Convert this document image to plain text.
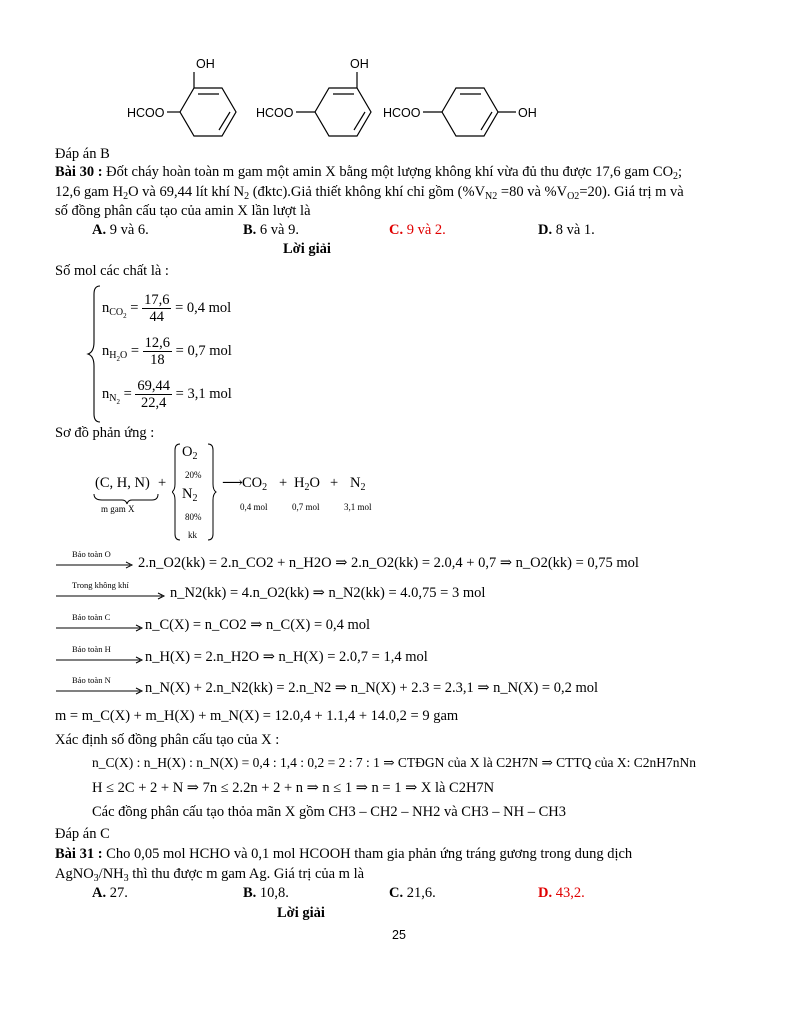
HCOO
OH
HCOO
OH
HCOO	OH
Đáp án B
Bài 30 : Đốt cháy hoàn toàn m gam một amin X bằng một lượng không khí vừa đủ thu được 17,6 gam $CO_2$;
12,6 gam $H_2O$ và 69,44 lít khí $N_2$ (đktc).Giả thiết không khí chỉ gồm ($\%V_{N2} =80$ và $\%V_{O2}=20$). Giá trị m và
số đồng phân cấu tạo của amin X lần lượt là
A. 9 và 6.	B. 6 và 9.	C. 9 và 2.	D. 8 và 1.
Lời giải
Số mol các chất là :
$n_{CO_2} = \frac{17,6}{44} = 0,4$ mol
$n_{H_2O} = \frac{12,6}{18} = 0,7$ mol
$n_{N_2} = \frac{69,44}{22,4} = 3,1$ mol
Sơ đồ phản ứng :
(C, H, N)
m gam X
+
$O_2$
20%
$N_2$
80%
kk
⟶ $CO_2$
0,4 mol
+ $H_2O$
0,7 mol
+ $N_2$
3,1 mol
Bảo toàn O
2.n_O2(kk) = 2.n_CO2 + n_H2O ⇒ 2.n_O2(kk) = 2.0,4 + 0,7 ⇒ n_O2(kk) = 0,75 mol
Trong không khí	n_N2(kk) = 4.n_O2(kk) ⇒ n_N2(kk) = 4.0,75 = 3 mol
Bảo toàn C n_C(X) = n_CO2 ⇒ n_C(X) = 0,4 mol
Bảo toàn H n_H(X) = 2.n_H2O ⇒ n_H(X) = 2.0,7 = 1,4 mol
Bảo toàn N n_N(X) + 2.n_N2(kk) = 2.n_N2 ⇒ n_N(X) + 2.3 = 2.3,1 ⇒ n_N(X) = 0,2 mol
m = m_C(X) + m_H(X) + m_N(X) = 12.0,4 + 1.1,4 + 14.0,2 = 9 gam
Xác định số đồng phân cấu tạo của X :
n_C(X) : n_H(X) : n_N(X) = 0,4 : 1,4 : 0,2 = 2 : 7 : 1 ⇒ CTĐGN của X là C2H7N ⇒ CTTQ của X: C2nH7nNn
H ≤ 2C + 2 + N ⇒ 7n ≤ 2.2n + 2 + n ⇒ n ≤ 1 ⇒ n = 1 ⇒ X là C2H7N
Các đồng phân cấu tạo thỏa mãn X gồm CH3 – CH2 – NH2 và CH3 – NH – CH3
Đáp án C
Bài 31 : Cho 0,05 mol HCHO và 0,1 mol HCOOH tham gia phản ứng tráng gương trong dung dịch
$AgNO_3/NH_3$ thì thu được m gam Ag. Giá trị của m là
A. 27.	B. 10,8.	C. 21,6.	D. 43,2.
Lời giải
25
